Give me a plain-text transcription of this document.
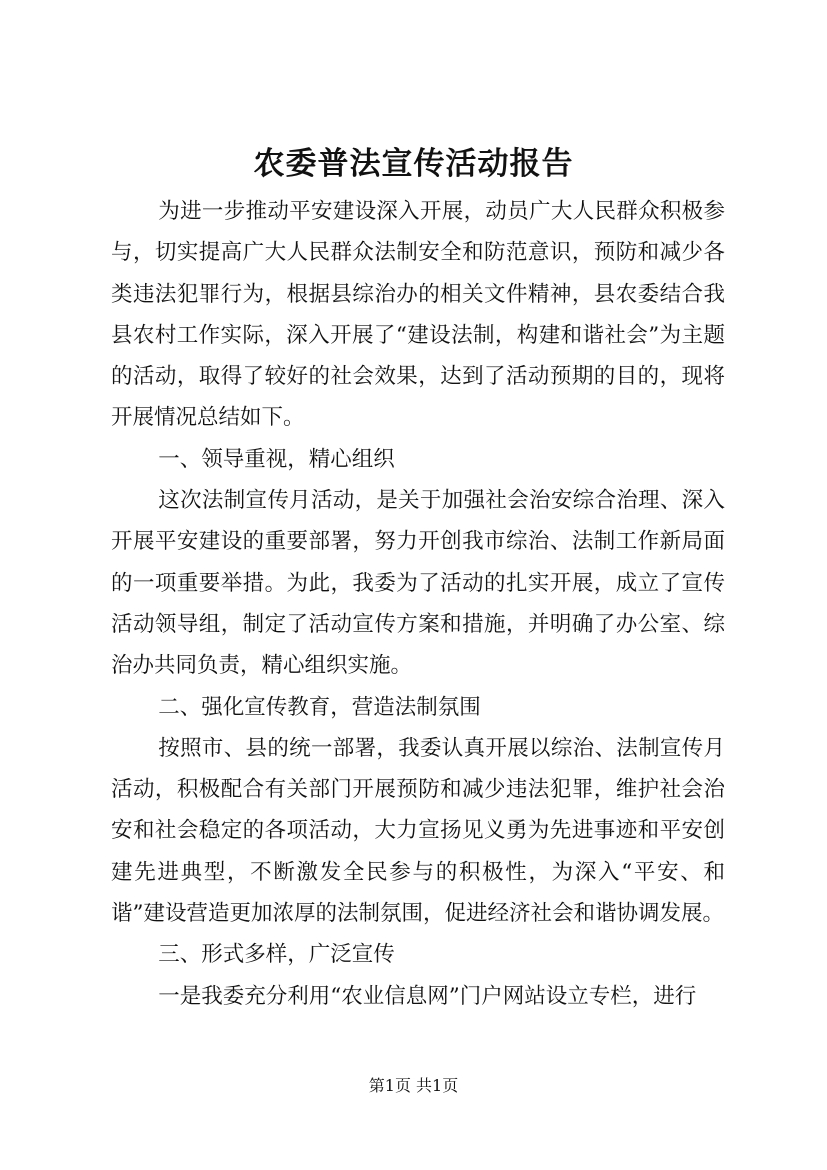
农委普法宣传活动报告

为进一步推动平安建设深入开展，动员广大人民群众积极参与，切实提高广大人民群众法制安全和防范意识，预防和减少各类违法犯罪行为，根据县综治办的相关文件精神，县农委结合我县农村工作实际，深入开展了“建设法制，构建和谐社会”为主题的活动，取得了较好的社会效果，达到了活动预期的目的，现将开展情况总结如下。

一、领导重视，精心组织

这次法制宣传月活动，是关于加强社会治安综合治理、深入开展平安建设的重要部署，努力开创我市综治、法制工作新局面的一项重要举措。为此，我委为了活动的扎实开展，成立了宣传活动领导组，制定了活动宣传方案和措施，并明确了办公室、综治办共同负责，精心组织实施。

二、强化宣传教育，营造法制氛围

按照市、县的统一部署，我委认真开展以综治、法制宣传月活动，积极配合有关部门开展预防和减少违法犯罪，维护社会治安和社会稳定的各项活动，大力宣扬见义勇为先进事迹和平安创建先进典型，不断激发全民参与的积极性，为深入“平安、和谐”建设营造更加浓厚的法制氛围，促进经济社会和谐协调发展。

三、形式多样，广泛宣传

一是我委充分利用“农业信息网”门户网站设立专栏，进行

第1页 共1页
